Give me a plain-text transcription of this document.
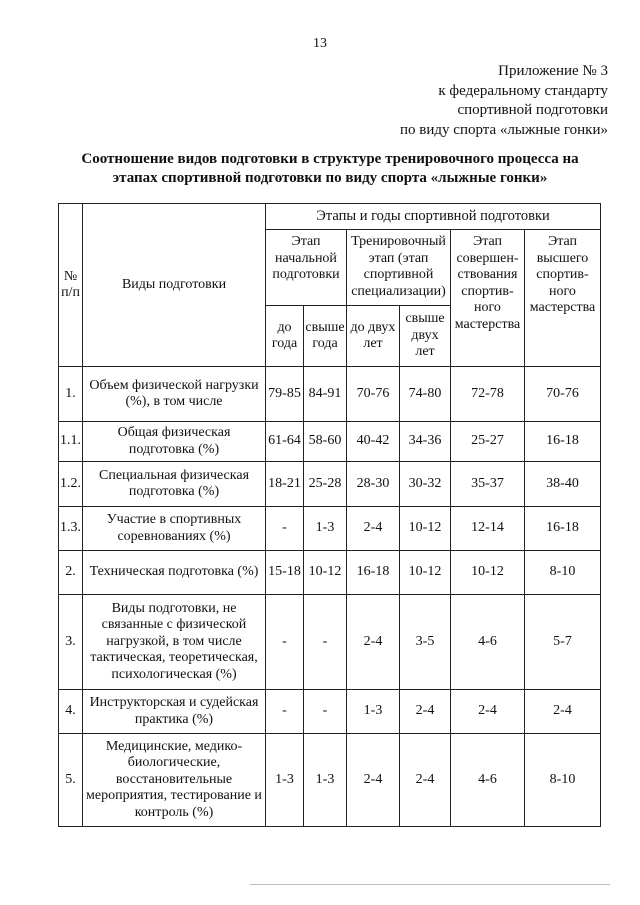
13
Приложение № 3
к федеральному стандарту
спортивной подготовки
по виду спорта «лыжные гонки»
Соотношение видов подготовки в структуре тренировочного процесса на
этапах спортивной подготовки по виду спорта «лыжные гонки»
№ п/п	Виды подготовки	Этапы и годы спортивной подготовки					
		Этап начальной подготовки		Тренировочный этап (этап спортивной специализации)		Этап совершен-ствования спортив-ного мастерства	Этап высшего спортив-ного мастерства
		до года	свыше года	до двух лет	свыше двух лет		
1.	Объем физической нагрузки (%), в том числе	79-85	84-91	70-76	74-80	72-78	70-76
1.1.	Общая физическая подготовка (%)	61-64	58-60	40-42	34-36	25-27	16-18
1.2.	Специальная физическая подготовка (%)	18-21	25-28	28-30	30-32	35-37	38-40
1.3.	Участие в спортивных соревнованиях (%)	-	1-3	2-4	10-12	12-14	16-18
2.	Техническая подготовка (%)	15-18	10-12	16-18	10-12	10-12	8-10
3.	Виды подготовки, не связанные с физической нагрузкой, в том числе тактическая, теоретическая, психологическая (%)	-	-	2-4	3-5	4-6	5-7
4.	Инструкторская и судейская практика (%)	-	-	1-3	2-4	2-4	2-4
5.	Медицинские, медико-биологические, восстановительные мероприятия, тестирование и контроль (%)	1-3	1-3	2-4	2-4	4-6	8-10
